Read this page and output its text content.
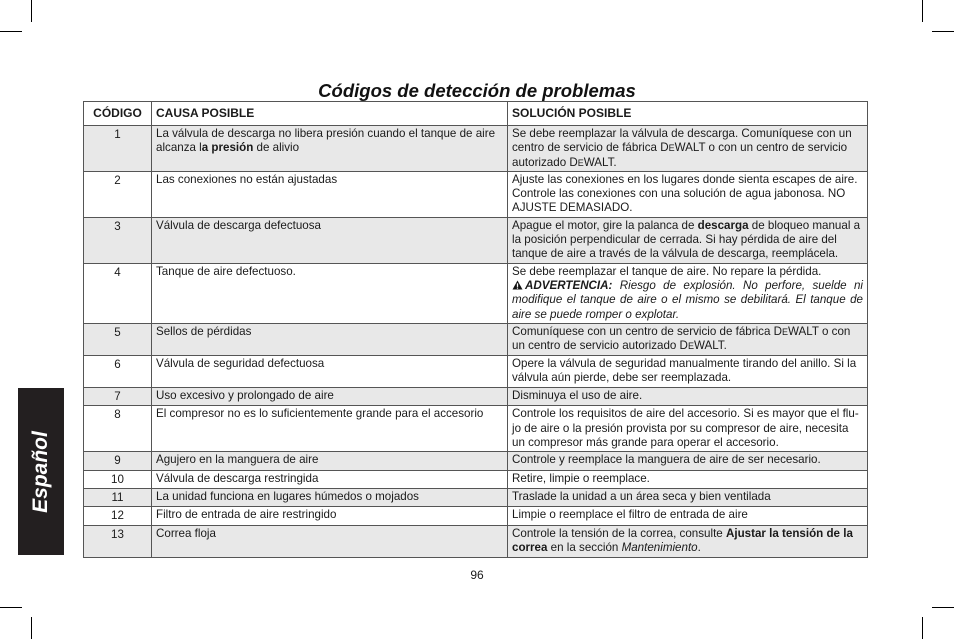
Español
Códigos de detección de problemas
CÓDIGO	CAUSA POSIBLE	SOLUCIÓN POSIBLE
1	La válvula de descarga no libera presión cuando el tanque de aire alcanza la presión de alivio	Se debe reemplazar la válvula de descarga. Comuníquese con un centro de servicio de fábrica DEWALT o con un centro de servicio autorizado DEWALT.

2	Las conexiones no están ajustadas	Ajuste las conexiones en los lugares donde sienta escapes de aire. Controle las conexiones con una solución de agua jabonosa. NO AJUSTE DEMASIADO.

3	Válvula de descarga defectuosa	Apague el motor, gire la palanca de descarga de bloqueo manual a la posición perpendicular de cerrada. Si hay pérdida de aire del tanque de aire a través de la válvula de descarga, reemplácela.

4	Tanque de aire defectuoso.	Se debe reemplazar el tanque de aire. No repare la pérdida.
ADVERTENCIA: Riesgo de explosión. No perfore, suelde ni modifique el tanque de aire o el mismo se debilitará. El tanque de aire se puede romper o explotar.

5	Sellos de pérdidas	Comuníquese con un centro de servicio de fábrica DEWALT o con un centro de servicio autorizado DEWALT.

6	Válvula de seguridad defectuosa	Opere la válvula de seguridad manualmente tirando del anillo. Si la válvula aún pierde, debe ser reemplazada.

7	Uso excesivo y prolongado de aire	Disminuya el uso de aire.

8	El compresor no es lo suficientemente grande para el accesorio	Controle los requisitos de aire del accesorio. Si es mayor que el flu-jo de aire o la presión provista por su compresor de aire, necesita un compresor más grande para operar el accesorio.

9	Agujero en la manguera de aire	Controle y reemplace la manguera de aire de ser necesario.

10	Válvula de descarga restringida	Retire, limpie o reemplace.

11	La unidad funciona en lugares húmedos o mojados	Traslade la unidad a un área seca y bien ventilada

12	Filtro de entrada de aire restringido	Limpie o reemplace el filtro de entrada de aire

13	Correa floja	Controle la tensión de la correa, consulte Ajustar la tensión de la correa en la sección Mantenimiento.
96
